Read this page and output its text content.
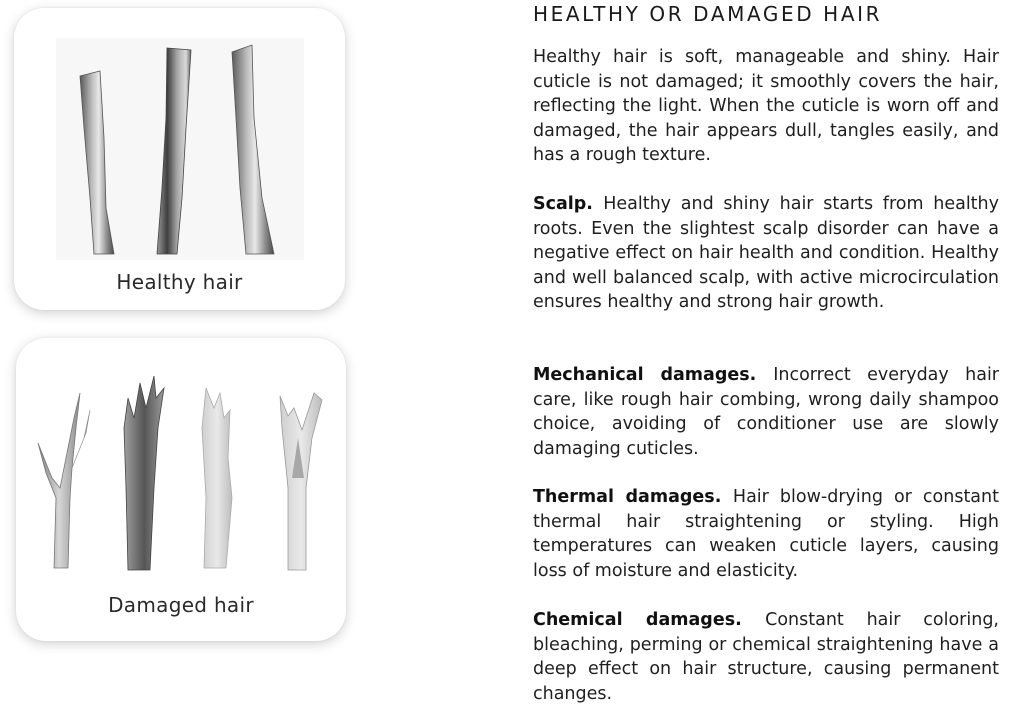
Healthy hair
Damaged hair
HEALTHY OR DAMAGED HAIR

Healthy hair is soft, manageable and shiny. Hair cuticle is not damaged; it smoothly covers the hair, reflecting the light. When the cuticle is worn off and damaged, the hair appears dull, tangles easily, and has a rough texture.

Scalp. Healthy and shiny hair starts from healthy roots. Even the slightest scalp disorder can have a negative effect on hair health and condition. Healthy and well balanced scalp, with active microcirculation ensures healthy and strong hair growth.

Mechanical damages. Incorrect everyday hair care, like rough hair combing, wrong daily shampoo choice, avoiding of conditioner use are slowly damaging cuticles.

Thermal damages. Hair blow-drying or constant thermal hair straightening or styling. High temperatures can weaken cuticle layers, causing loss of moisture and elasticity.

Chemical damages. Constant hair coloring, bleaching, perming or chemical straightening have a deep effect on hair structure, causing permanent changes.
